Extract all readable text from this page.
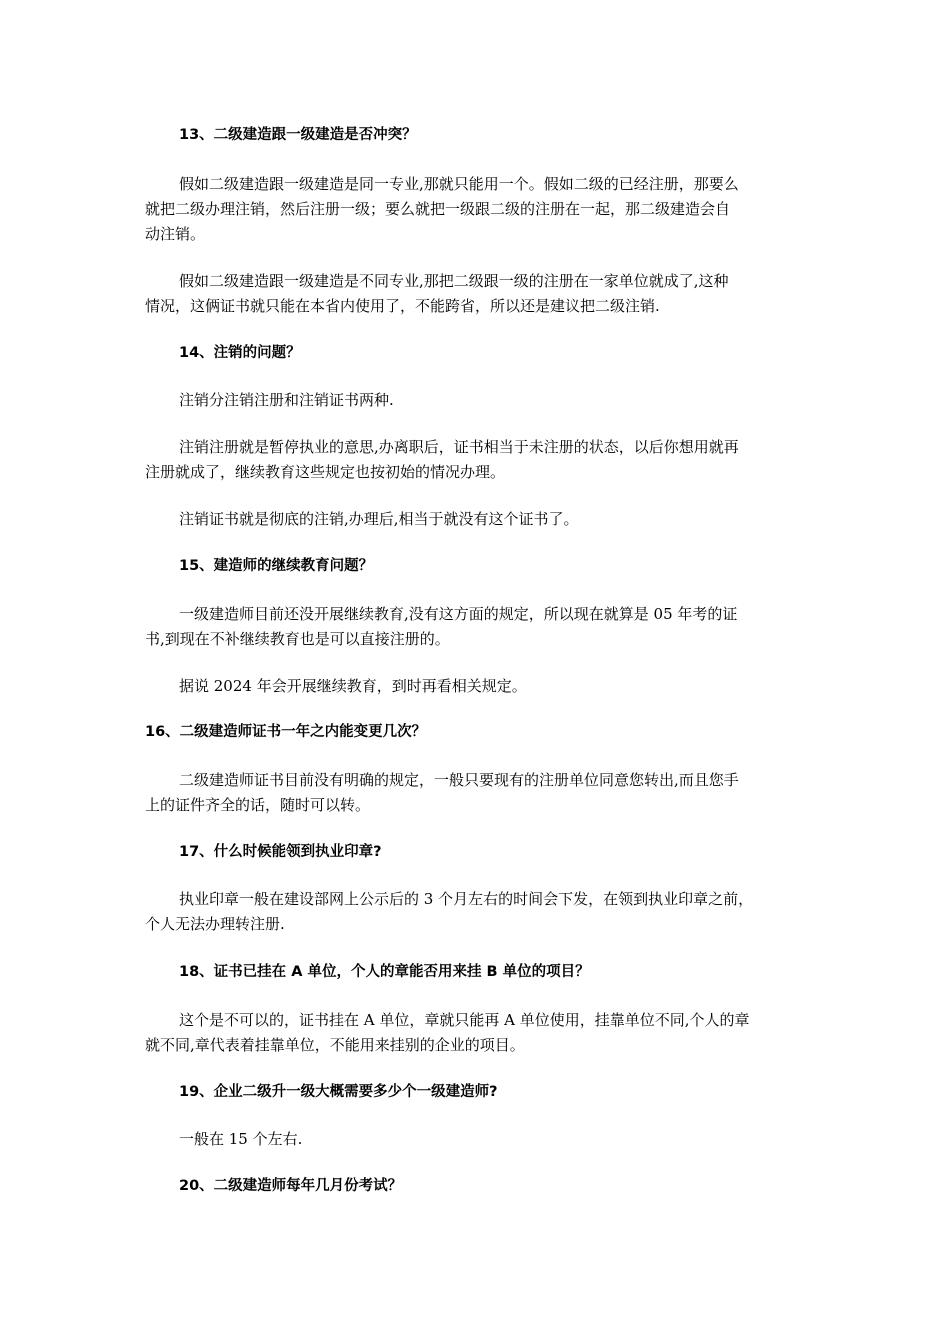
13、二级建造跟一级建造是否冲突？
假如二级建造跟一级建造是同一专业,那就只能用一个。假如二级的已经注册，那要么
就把二级办理注销，然后注册一级；要么就把一级跟二级的注册在一起，那二级建造会自
动注销。
假如二级建造跟一级建造是不同专业,那把二级跟一级的注册在一家单位就成了,这种
情况，这俩证书就只能在本省内使用了，不能跨省，所以还是建议把二级注销.
14、注销的问题？
注销分注销注册和注销证书两种.
注销注册就是暂停执业的意思,办离职后，证书相当于未注册的状态，以后你想用就再
注册就成了，继续教育这些规定也按初始的情况办理。
注销证书就是彻底的注销,办理后,相当于就没有这个证书了。
15、建造师的继续教育问题？
一级建造师目前还没开展继续教育,没有这方面的规定，所以现在就算是 05 年考的证
书,到现在不补继续教育也是可以直接注册的。
据说 2024 年会开展继续教育，到时再看相关规定。
16、二级建造师证书一年之内能变更几次？
二级建造师证书目前没有明确的规定，一般只要现有的注册单位同意您转出,而且您手
上的证件齐全的话，随时可以转。
17、什么时候能领到执业印章?
执业印章一般在建设部网上公示后的 3 个月左右的时间会下发，在领到执业印章之前，
个人无法办理转注册.
18、证书已挂在 A 单位，个人的章能否用来挂 B 单位的项目？
这个是不可以的，证书挂在 A 单位，章就只能再 A 单位使用，挂靠单位不同,个人的章
就不同,章代表着挂靠单位，不能用来挂别的企业的项目。
19、企业二级升一级大概需要多少个一级建造师?
一般在 15 个左右.
20、二级建造师每年几月份考试？
